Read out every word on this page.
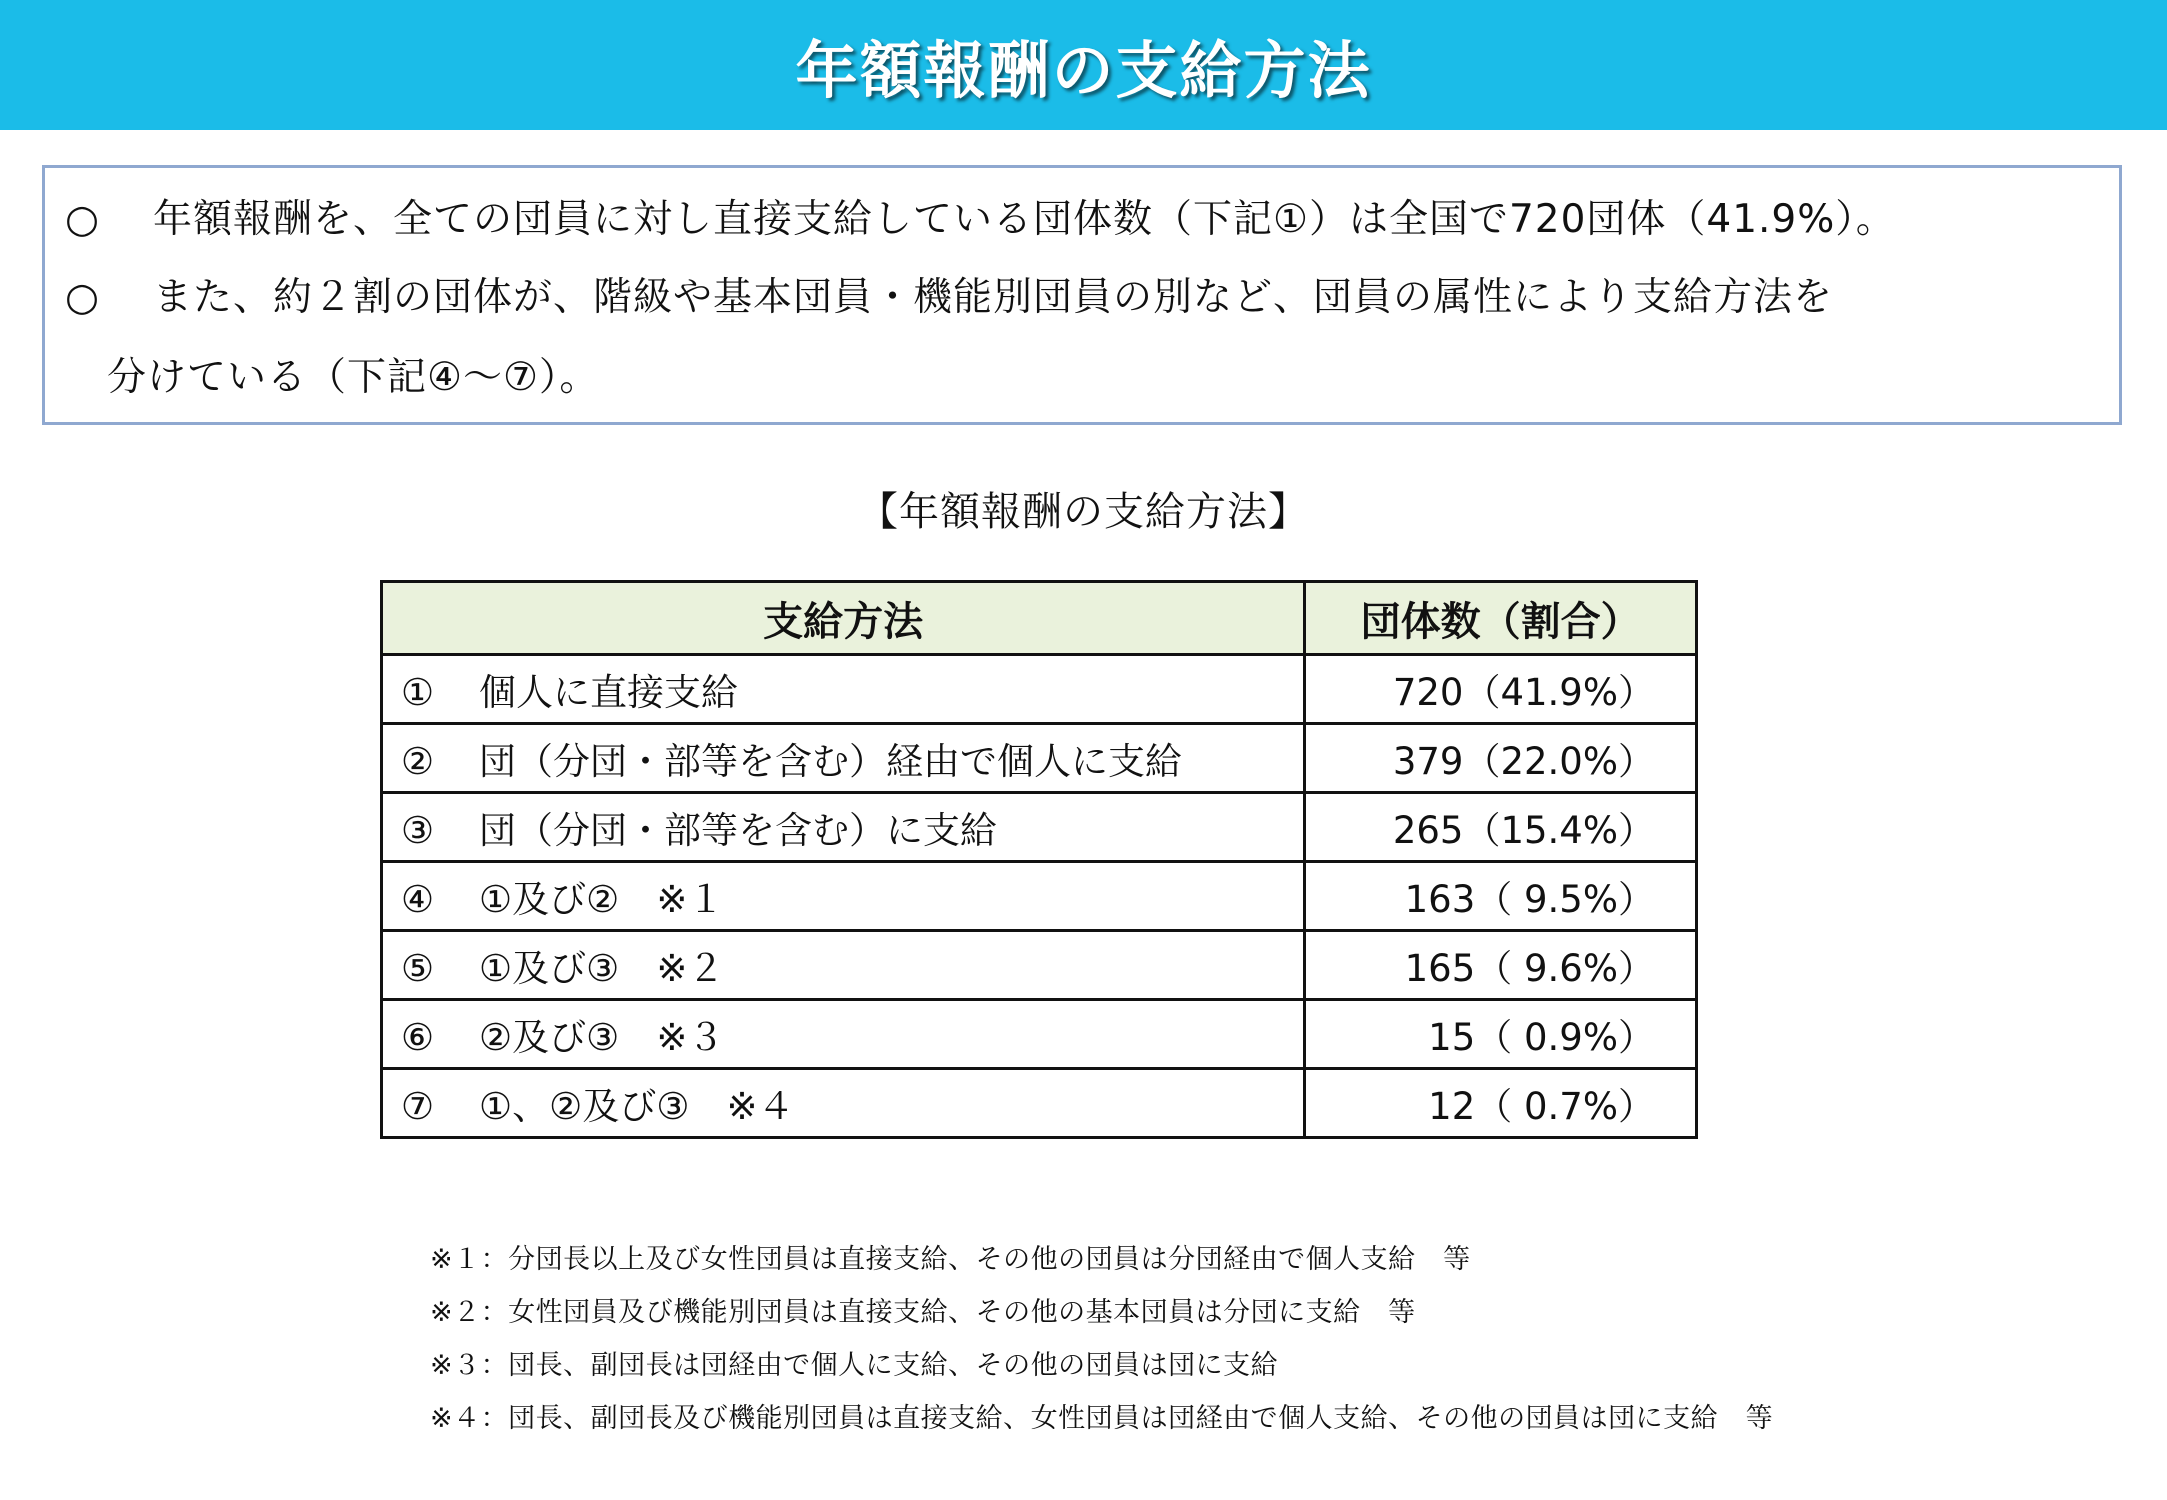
年額報酬の支給方法
○ 年額報酬を、全ての団員に対し直接支給している団体数（下記①）は全国で720団体（41.9%）。
○ また、約２割の団体が、階級や基本団員・機能別団員の別など、団員の属性により支給方法を
分けている（下記④～⑦）。
【年額報酬の支給方法】
支給方法	団体数（割合）
① 個人に直接支給	720（41.9%）
② 団（分団・部等を含む）経由で個人に支給	379（22.0%）
③ 団（分団・部等を含む）に支給	265（15.4%）
④ ①及び②　※１	163（ 9.5%）
⑤ ①及び③　※２	165（ 9.6%）
⑥ ②及び③　※３	15（ 0.9%）
⑦ ①、②及び③　※４	12（ 0.7%）
※１：分団長以上及び女性団員は直接支給、その他の団員は分団経由で個人支給　等
※２：女性団員及び機能別団員は直接支給、その他の基本団員は分団に支給　等
※３：団長、副団長は団経由で個人に支給、その他の団員は団に支給
※４：団長、副団長及び機能別団員は直接支給、女性団員は団経由で個人支給、その他の団員は団に支給　等
